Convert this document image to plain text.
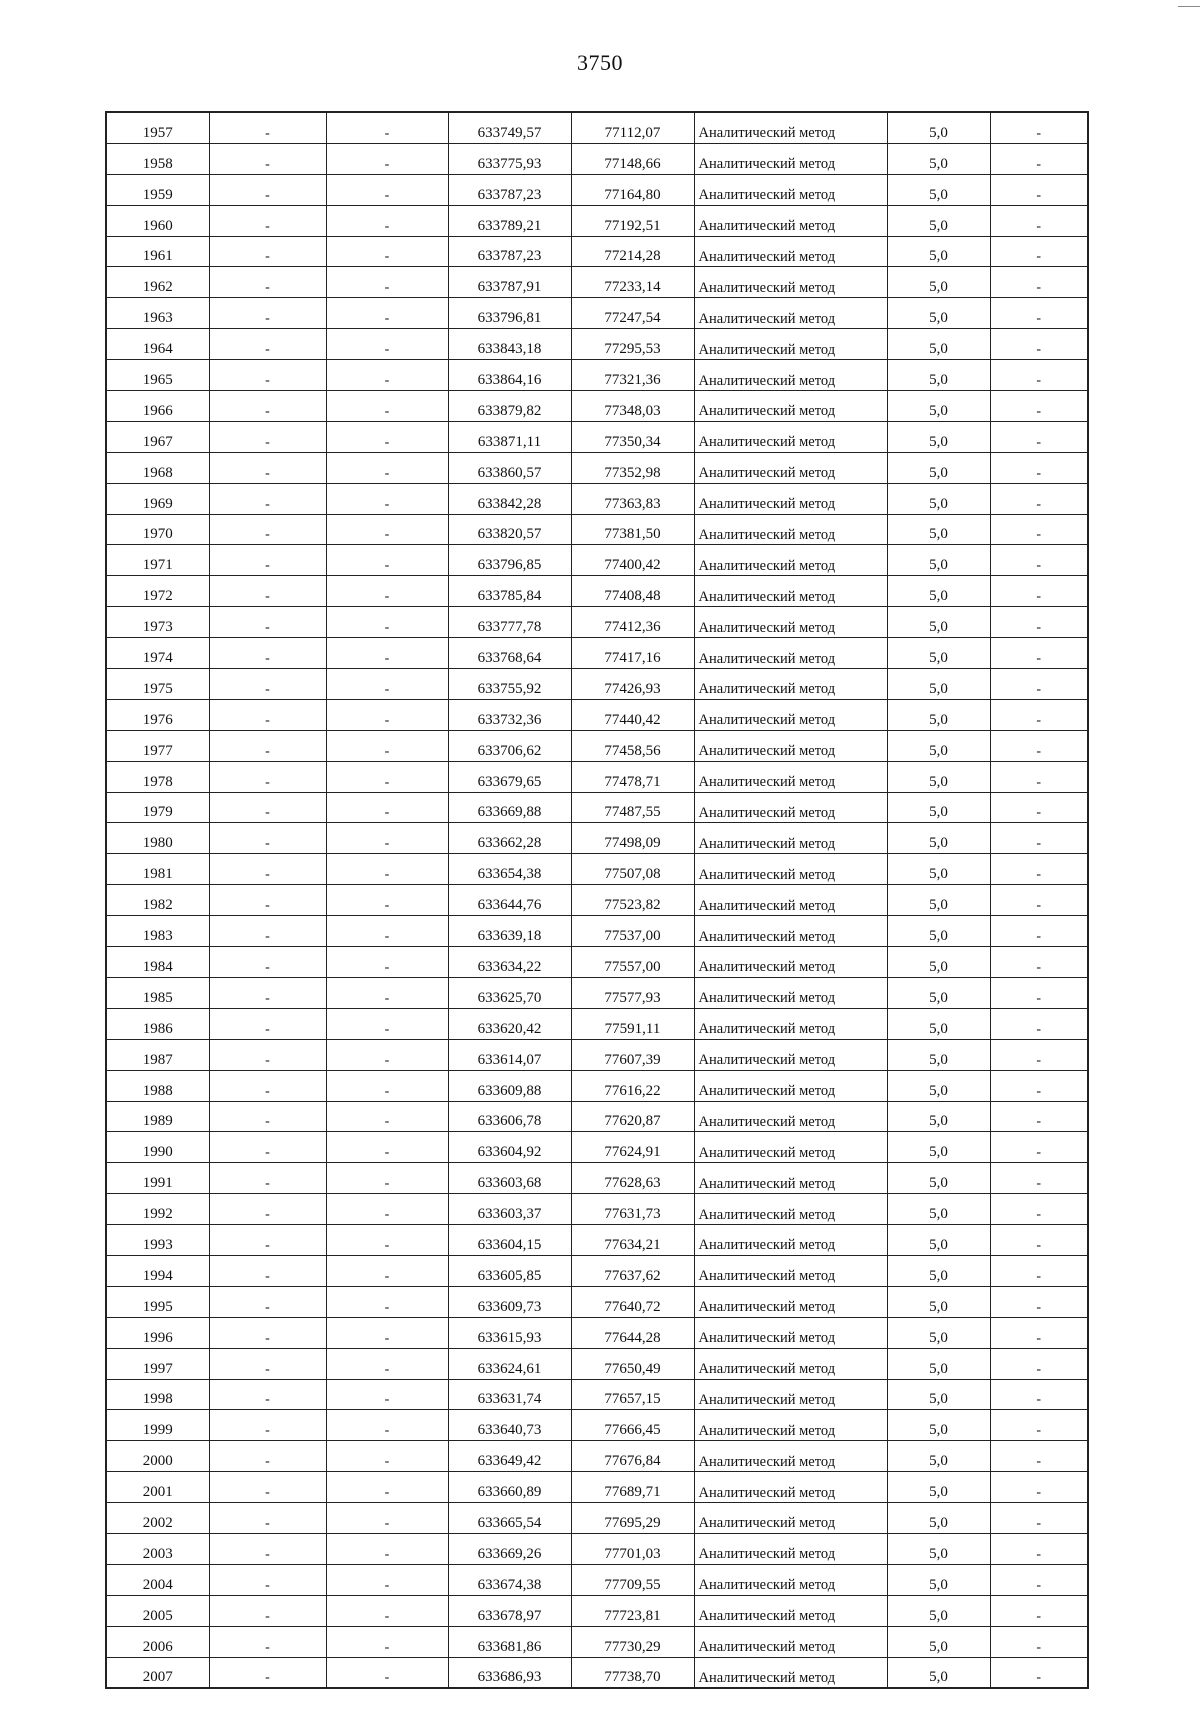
3750
1957	-	-	633749,57	77112,07	Аналитический метод	5,0	-
1958	-	-	633775,93	77148,66	Аналитический метод	5,0	-
1959	-	-	633787,23	77164,80	Аналитический метод	5,0	-
1960	-	-	633789,21	77192,51	Аналитический метод	5,0	-
1961	-	-	633787,23	77214,28	Аналитический метод	5,0	-
1962	-	-	633787,91	77233,14	Аналитический метод	5,0	-
1963	-	-	633796,81	77247,54	Аналитический метод	5,0	-
1964	-	-	633843,18	77295,53	Аналитический метод	5,0	-
1965	-	-	633864,16	77321,36	Аналитический метод	5,0	-
1966	-	-	633879,82	77348,03	Аналитический метод	5,0	-
1967	-	-	633871,11	77350,34	Аналитический метод	5,0	-
1968	-	-	633860,57	77352,98	Аналитический метод	5,0	-
1969	-	-	633842,28	77363,83	Аналитический метод	5,0	-
1970	-	-	633820,57	77381,50	Аналитический метод	5,0	-
1971	-	-	633796,85	77400,42	Аналитический метод	5,0	-
1972	-	-	633785,84	77408,48	Аналитический метод	5,0	-
1973	-	-	633777,78	77412,36	Аналитический метод	5,0	-
1974	-	-	633768,64	77417,16	Аналитический метод	5,0	-
1975	-	-	633755,92	77426,93	Аналитический метод	5,0	-
1976	-	-	633732,36	77440,42	Аналитический метод	5,0	-
1977	-	-	633706,62	77458,56	Аналитический метод	5,0	-
1978	-	-	633679,65	77478,71	Аналитический метод	5,0	-
1979	-	-	633669,88	77487,55	Аналитический метод	5,0	-
1980	-	-	633662,28	77498,09	Аналитический метод	5,0	-
1981	-	-	633654,38	77507,08	Аналитический метод	5,0	-
1982	-	-	633644,76	77523,82	Аналитический метод	5,0	-
1983	-	-	633639,18	77537,00	Аналитический метод	5,0	-
1984	-	-	633634,22	77557,00	Аналитический метод	5,0	-
1985	-	-	633625,70	77577,93	Аналитический метод	5,0	-
1986	-	-	633620,42	77591,11	Аналитический метод	5,0	-
1987	-	-	633614,07	77607,39	Аналитический метод	5,0	-
1988	-	-	633609,88	77616,22	Аналитический метод	5,0	-
1989	-	-	633606,78	77620,87	Аналитический метод	5,0	-
1990	-	-	633604,92	77624,91	Аналитический метод	5,0	-
1991	-	-	633603,68	77628,63	Аналитический метод	5,0	-
1992	-	-	633603,37	77631,73	Аналитический метод	5,0	-
1993	-	-	633604,15	77634,21	Аналитический метод	5,0	-
1994	-	-	633605,85	77637,62	Аналитический метод	5,0	-
1995	-	-	633609,73	77640,72	Аналитический метод	5,0	-
1996	-	-	633615,93	77644,28	Аналитический метод	5,0	-
1997	-	-	633624,61	77650,49	Аналитический метод	5,0	-
1998	-	-	633631,74	77657,15	Аналитический метод	5,0	-
1999	-	-	633640,73	77666,45	Аналитический метод	5,0	-
2000	-	-	633649,42	77676,84	Аналитический метод	5,0	-
2001	-	-	633660,89	77689,71	Аналитический метод	5,0	-
2002	-	-	633665,54	77695,29	Аналитический метод	5,0	-
2003	-	-	633669,26	77701,03	Аналитический метод	5,0	-
2004	-	-	633674,38	77709,55	Аналитический метод	5,0	-
2005	-	-	633678,97	77723,81	Аналитический метод	5,0	-
2006	-	-	633681,86	77730,29	Аналитический метод	5,0	-
2007	-	-	633686,93	77738,70	Аналитический метод	5,0	-
